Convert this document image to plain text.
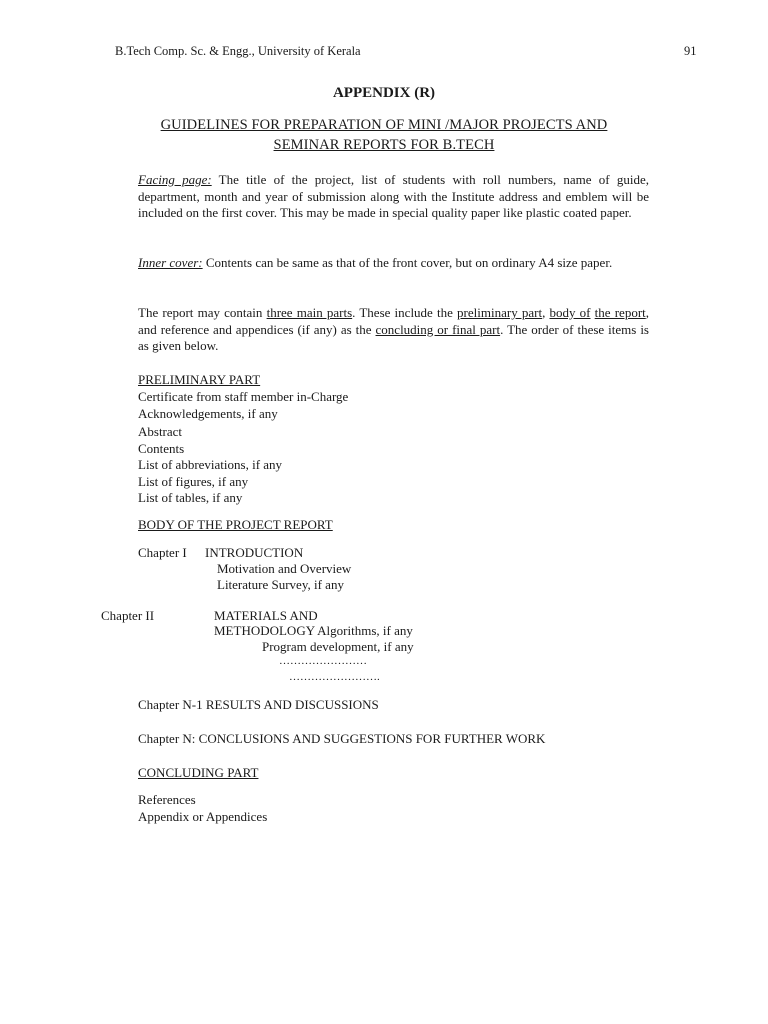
B.Tech Comp. Sc. & Engg., University of Kerala	91
APPENDIX (R)
GUIDELINES FOR PREPARATION OF MINI /MAJOR PROJECTS AND
SEMINAR REPORTS FOR B.TECH
Facing page: The title of the project, list of students with roll numbers, name of guide, department, month and year of submission along with the Institute address and emblem will be included on the first cover. This may be made in special quality paper like plastic coated paper.
Inner cover: Contents can be same as that of the front cover, but on ordinary A4 size paper.
The report may contain three main parts. These include the preliminary part, body of the report, and reference and appendices (if any) as the concluding or final part. The order of these items is as given below.
PRELIMINARY PART
Certificate from staff member in-Charge
Acknowledgements, if any
Abstract
Contents
List of abbreviations, if any
List of figures, if any
List of tables, if any
BODY OF THE PROJECT REPORT
Chapter I INTRODUCTION
Motivation and Overview
Literature Survey, if any
Chapter II	MATERIALS AND
METHODOLOGY Algorithms, if any
Program development, if any
……………………
…………………….
Chapter N-1 RESULTS AND DISCUSSIONS
Chapter N: CONCLUSIONS AND SUGGESTIONS FOR FURTHER WORK
CONCLUDING PART
References
Appendix or Appendices
